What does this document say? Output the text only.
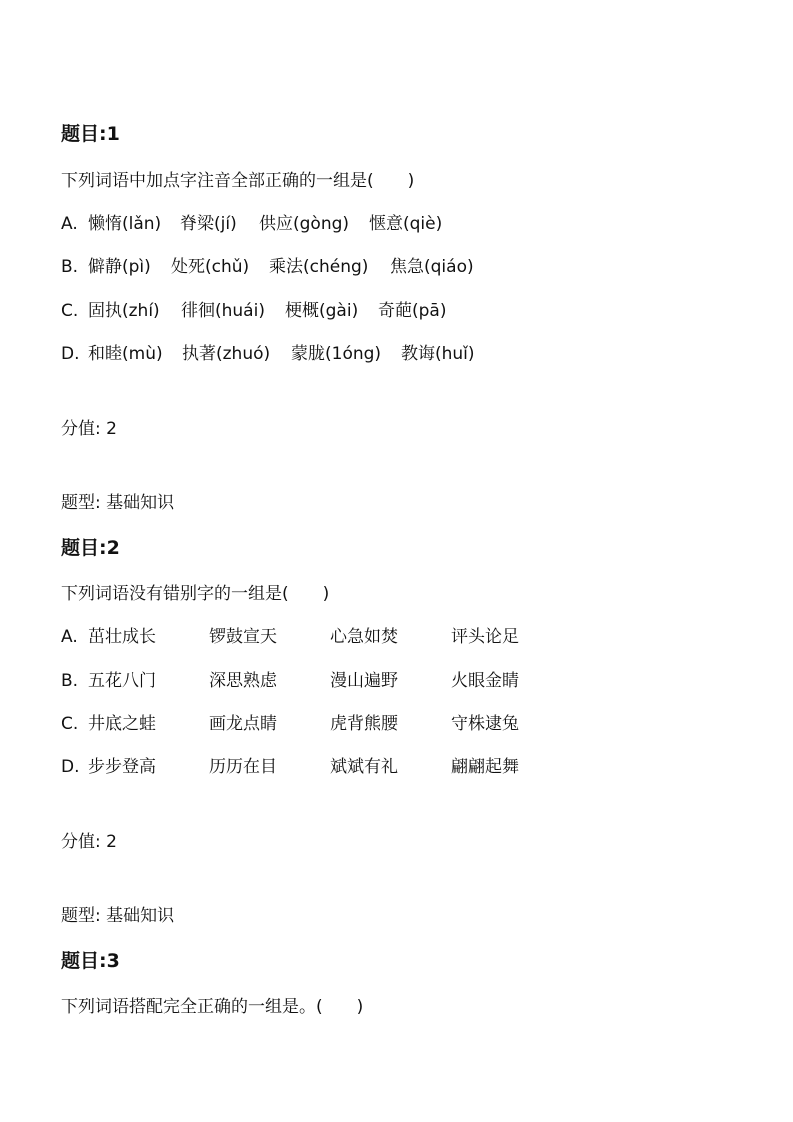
题目:1
下列词语中加点字注音全部正确的一组是(　　)
A. 懒惰(lǎn) 脊梁(jí) 供应(gòng) 惬意(qiè)
B. 僻静(pì) 处死(chǔ) 乘法(chéng) 焦急(qiáo)
C. 固执(zhí) 徘徊(huái) 梗概(gài) 奇葩(pā)
D. 和睦(mù) 执著(zhuó) 蒙胧(1óng) 教诲(huǐ)
分值: 2
题型: 基础知识
题目:2
下列词语没有错别字的一组是(　　)
A. 茁壮成长	锣鼓宣天	心急如焚	评头论足
B. 五花八门	深思熟虑	漫山遍野	火眼金睛
C. 井底之蛙	画龙点睛	虎背熊腰	守株逮兔
D. 步步登高	历历在目	斌斌有礼	翩翩起舞
分值: 2
题型: 基础知识
题目:3
下列词语搭配完全正确的一组是。(　　)
